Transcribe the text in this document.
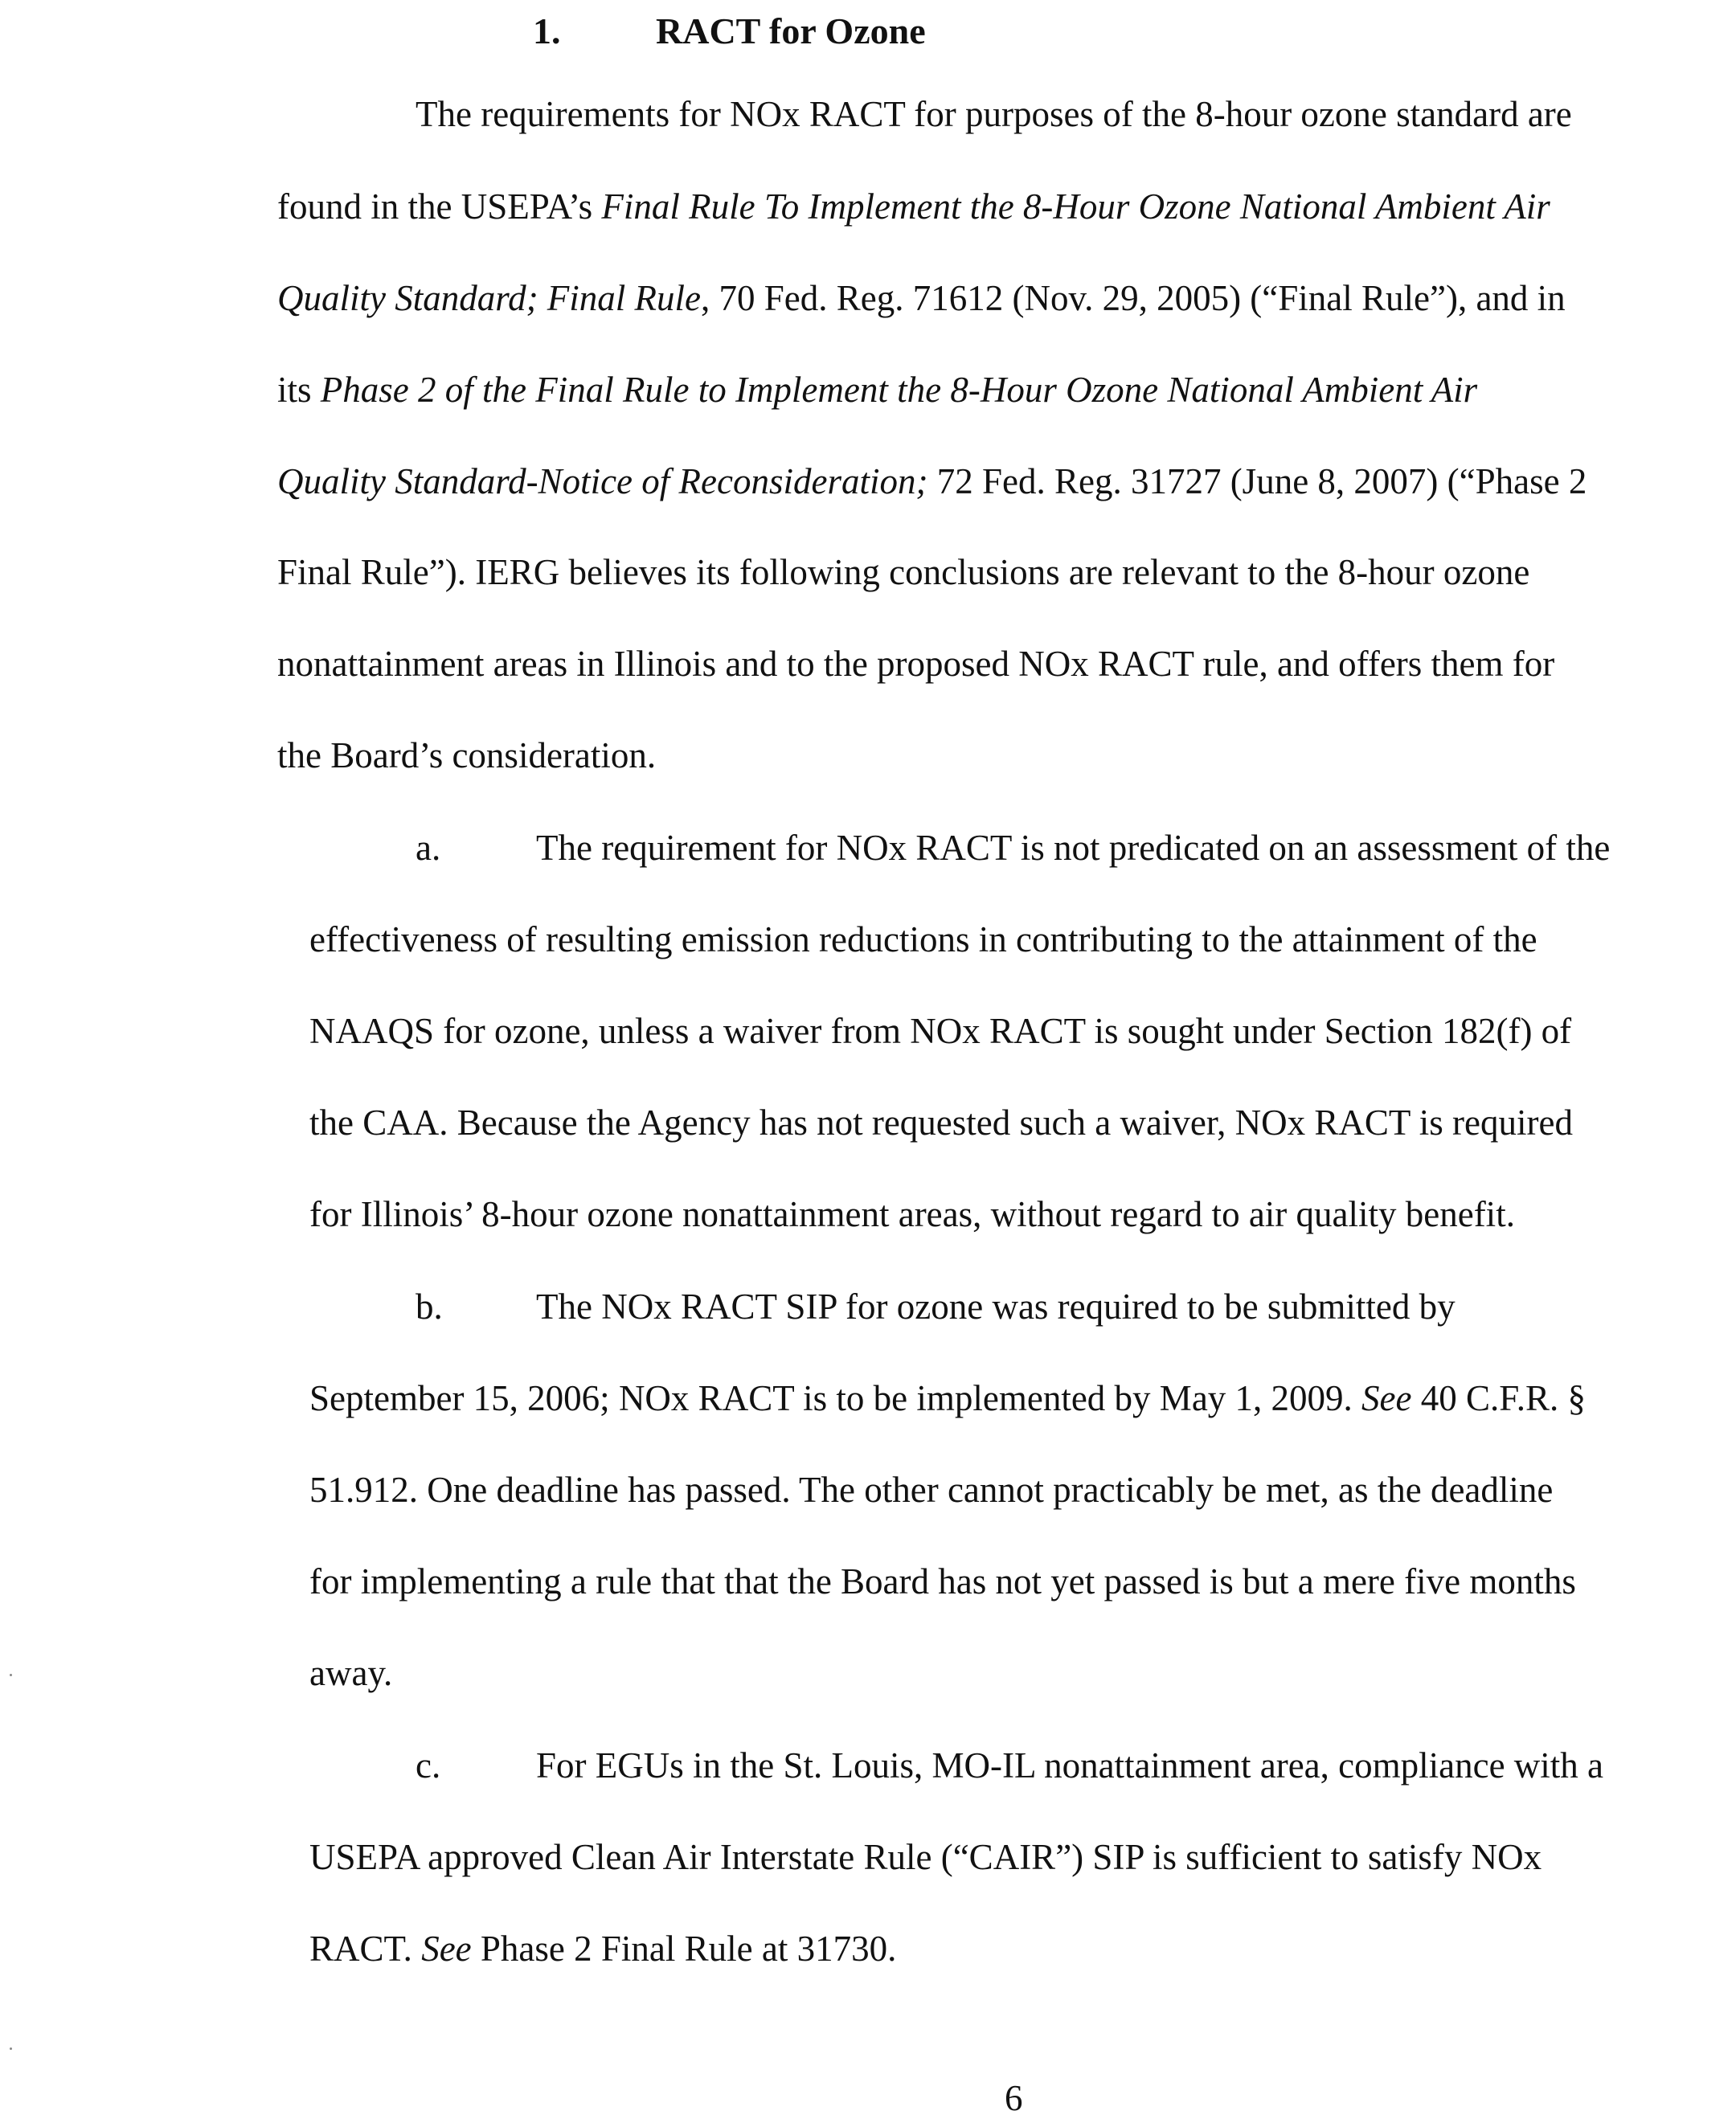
1.	RACT for Ozone
The requirements for NOx RACT for purposes of the 8-hour ozone standard are
found in the USEPA’s Final Rule To Implement the 8-Hour Ozone National Ambient Air
Quality Standard; Final Rule, 70 Fed. Reg. 71612 (Nov. 29, 2005) (“Final Rule”), and in
its Phase 2 of the Final Rule to Implement the 8-Hour Ozone National Ambient Air
Quality Standard-Notice of Reconsideration; 72 Fed. Reg. 31727 (June 8, 2007) (“Phase 2
Final Rule”). IERG believes its following conclusions are relevant to the 8-hour ozone
nonattainment areas in Illinois and to the proposed NOx RACT rule, and offers them for
the Board’s consideration.
a.	The requirement for NOx RACT is not predicated on an assessment of the
effectiveness of resulting emission reductions in contributing to the attainment of the
NAAQS for ozone, unless a waiver from NOx RACT is sought under Section 182(f) of
the CAA. Because the Agency has not requested such a waiver, NOx RACT is required
for Illinois’ 8-hour ozone nonattainment areas, without regard to air quality benefit.
b.	The NOx RACT SIP for ozone was required to be submitted by
September 15, 2006; NOx RACT is to be implemented by May 1, 2009. See 40 C.F.R. §
51.912. One deadline has passed. The other cannot practicably be met, as the deadline
for implementing a rule that that the Board has not yet passed is but a mere five months
away.
c.	For EGUs in the St. Louis, MO-IL nonattainment area, compliance with a
USEPA approved Clean Air Interstate Rule (“CAIR”) SIP is sufficient to satisfy NOx
RACT. See Phase 2 Final Rule at 31730.
6
